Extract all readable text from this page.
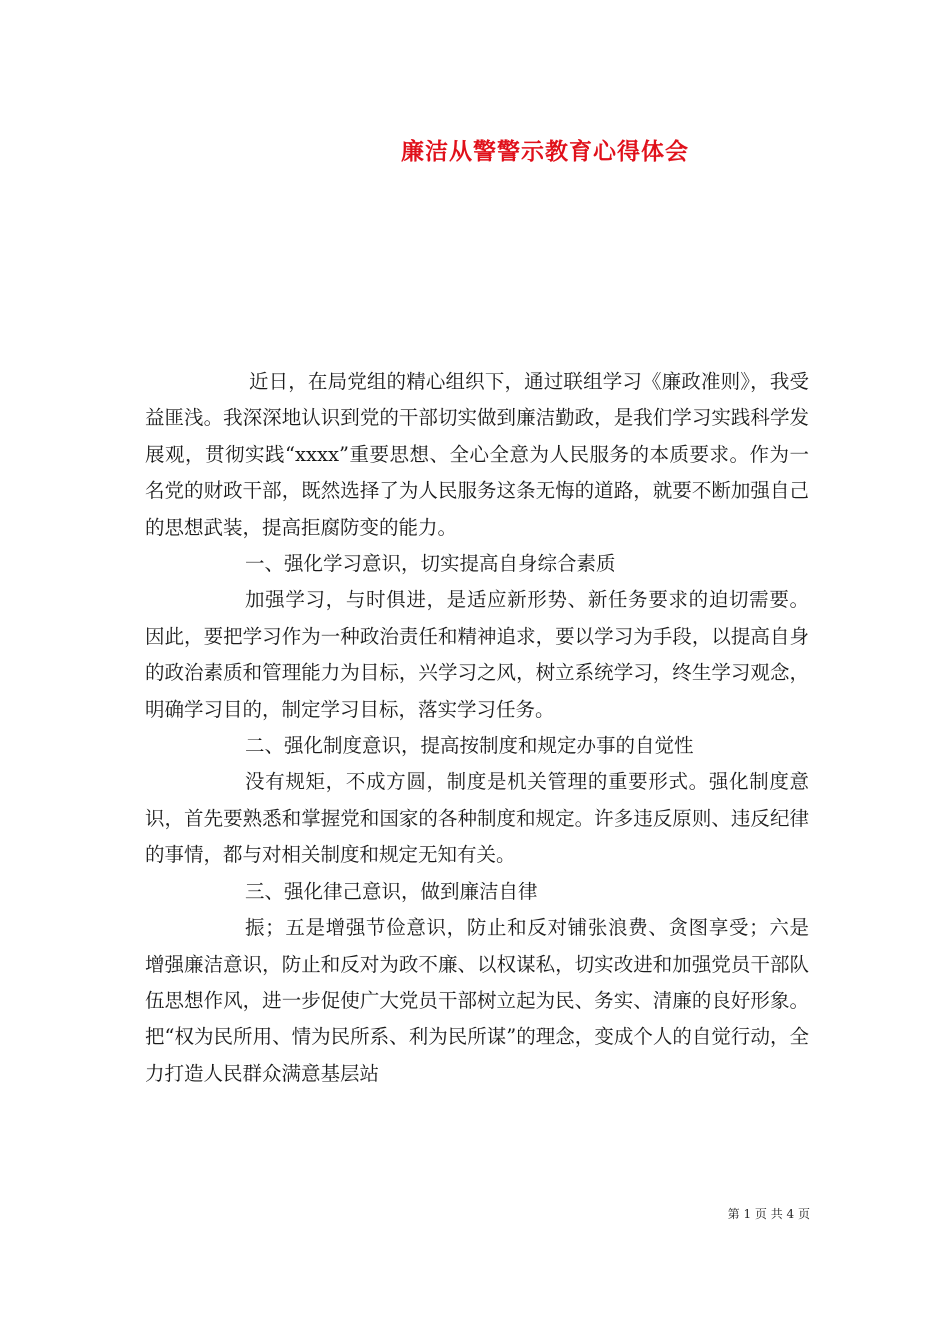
廉洁从警警示教育心得体会

近日，在局党组的精心组织下，通过联组学习《廉政准则》，我受益匪浅。我深深地认识到党的干部切实做到廉洁勤政，是我们学习实践科学发展观，贯彻实践“xxxx”重要思想、全心全意为人民服务的本质要求。作为一名党的财政干部，既然选择了为人民服务这条无悔的道路，就要不断加强自己的思想武装，提高拒腐防变的能力。

一、强化学习意识，切实提高自身综合素质

加强学习，与时俱进，是适应新形势、新任务要求的迫切需要。因此，要把学习作为一种政治责任和精神追求，要以学习为手段，以提高自身的政治素质和管理能力为目标，兴学习之风，树立系统学习，终生学习观念，明确学习目的，制定学习目标，落实学习任务。

二、强化制度意识，提高按制度和规定办事的自觉性

没有规矩，不成方圆，制度是机关管理的重要形式。强化制度意识，首先要熟悉和掌握党和国家的各种制度和规定。许多违反原则、违反纪律的事情，都与对相关制度和规定无知有关。

三、强化律己意识，做到廉洁自律

振；五是增强节俭意识，防止和反对铺张浪费、贪图享受；六是增强廉洁意识，防止和反对为政不廉、以权谋私，切实改进和加强党员干部队伍思想作风，进一步促使广大党员干部树立起为民、务实、清廉的良好形象。把“权为民所用、情为民所系、利为民所谋”的理念，变成个人的自觉行动，全力打造人民群众满意基层站

第 1 页 共 4 页
